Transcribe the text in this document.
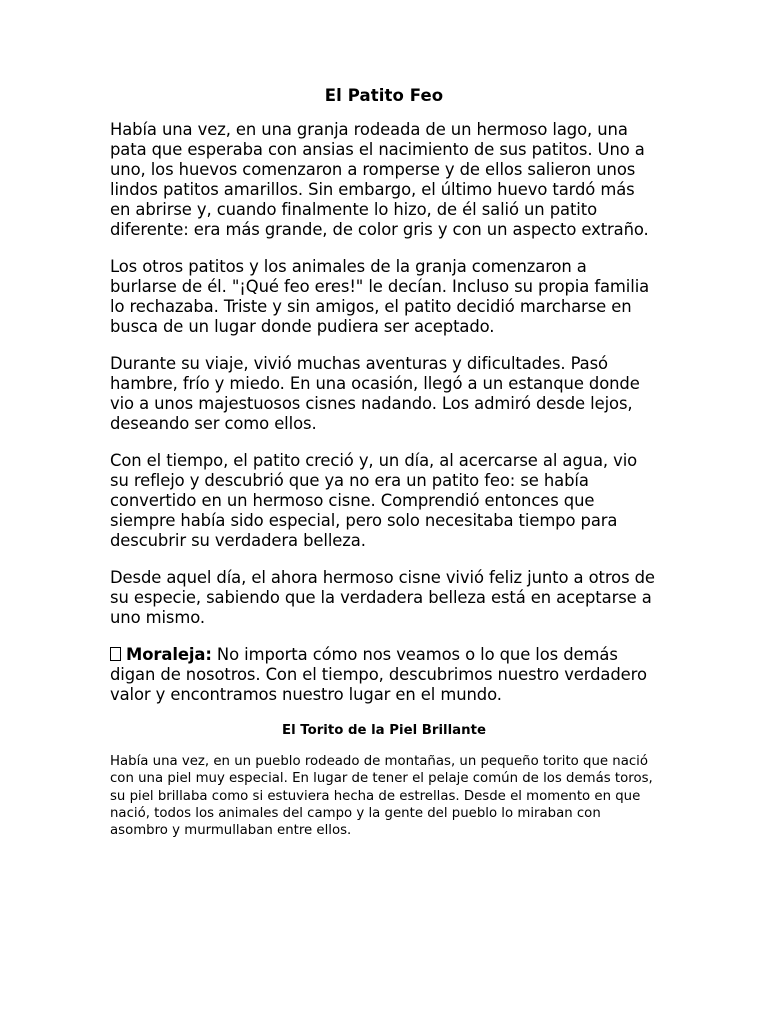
El Patito Feo

Había una vez, en una granja rodeada de un hermoso lago, una pata que esperaba con ansias el nacimiento de sus patitos. Uno a uno, los huevos comenzaron a romperse y de ellos salieron unos lindos patitos amarillos. Sin embargo, el último huevo tardó más en abrirse y, cuando finalmente lo hizo, de él salió un patito diferente: era más grande, de color gris y con un aspecto extraño.

Los otros patitos y los animales de la granja comenzaron a burlarse de él. "¡Qué feo eres!" le decían. Incluso su propia familia lo rechazaba. Triste y sin amigos, el patito decidió marcharse en busca de un lugar donde pudiera ser aceptado.

Durante su viaje, vivió muchas aventuras y dificultades. Pasó hambre, frío y miedo. En una ocasión, llegó a un estanque donde vio a unos majestuosos cisnes nadando. Los admiró desde lejos, deseando ser como ellos.

Con el tiempo, el patito creció y, un día, al acercarse al agua, vio su reflejo y descubrió que ya no era un patito feo: se había convertido en un hermoso cisne. Comprendió entonces que siempre había sido especial, pero solo necesitaba tiempo para descubrir su verdadera belleza.

Desde aquel día, el ahora hermoso cisne vivió feliz junto a otros de su especie, sabiendo que la verdadera belleza está en aceptarse a uno mismo.

Moraleja: No importa cómo nos veamos o lo que los demás digan de nosotros. Con el tiempo, descubrimos nuestro verdadero valor y encontramos nuestro lugar en el mundo.

El Torito de la Piel Brillante

Había una vez, en un pueblo rodeado de montañas, un pequeño torito que nació con una piel muy especial. En lugar de tener el pelaje común de los demás toros, su piel brillaba como si estuviera hecha de estrellas. Desde el momento en que nació, todos los animales del campo y la gente del pueblo lo miraban con asombro y murmullaban entre ellos.
